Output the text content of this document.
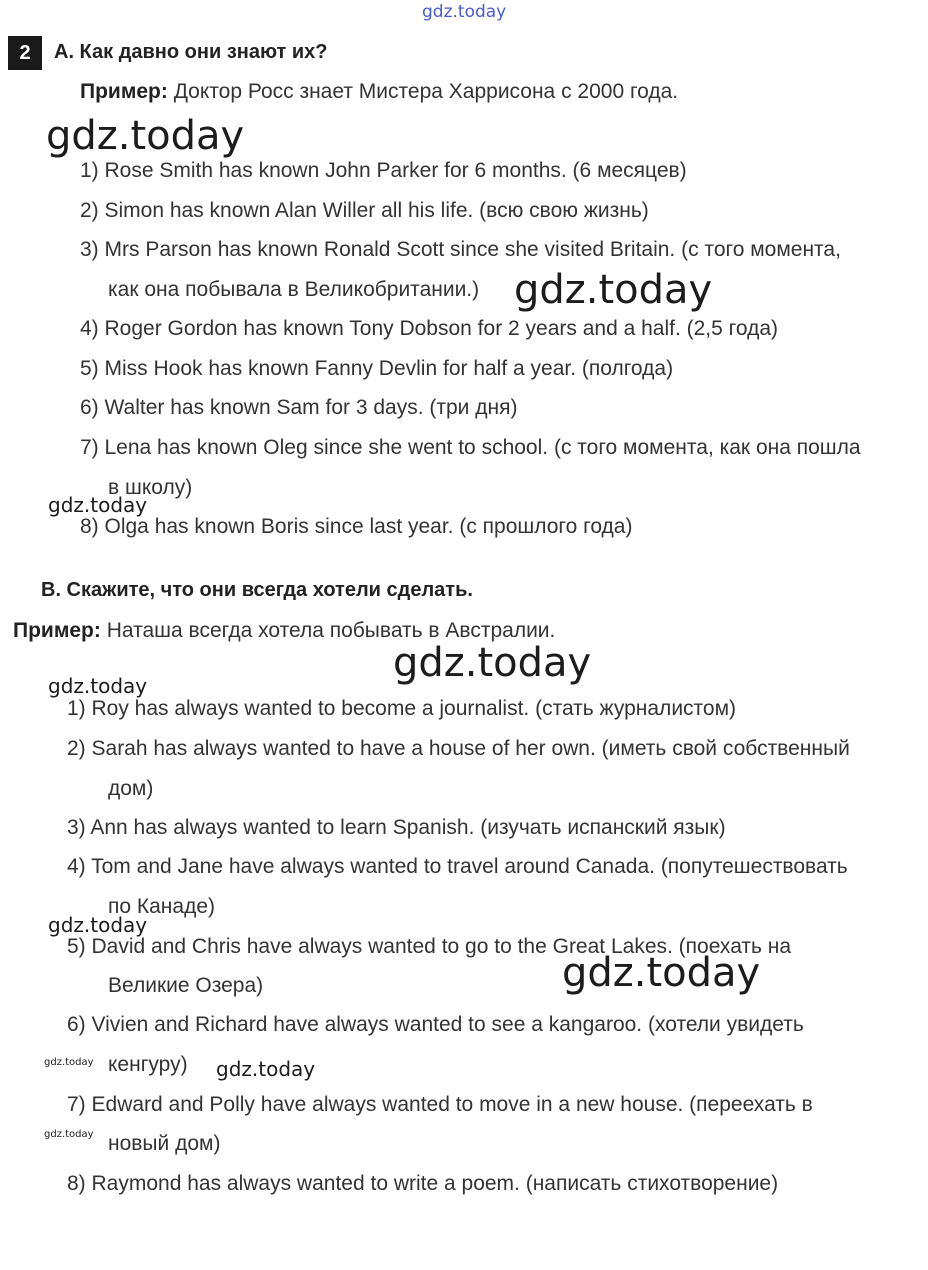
gdz.today
2	A. Как давно они знают их?
Пример: Доктор Росс знает Мистера Харрисона с 2000 года.
1) Rose Smith has known John Parker for 6 months. (6 месяцев)
2) Simon has known Alan Willer all his life. (всю свою жизнь)
3) Mrs Parson has known Ronald Scott since she visited Britain. (с того момента,
как она побывала в Великобритании.)
4) Roger Gordon has known Tony Dobson for 2 years and a half. (2,5 года)
5) Miss Hook has known Fanny Devlin for half a year. (полгода)
6) Walter has known Sam for 3 days. (три дня)
7) Lena has known Oleg since she went to school. (с того момента, как она пошла
в школу)
8) Olga has known Boris since last year. (с прошлого года)
B. Скажите, что они всегда хотели сделать.
Пример: Наташа всегда хотела побывать в Австралии.
1) Roy has always wanted to become a journalist. (стать журналистом)
2) Sarah has always wanted to have a house of her own. (иметь свой собственный
дом)
3) Ann has always wanted to learn Spanish. (изучать испанский язык)
4) Tom and Jane have always wanted to travel around Canada. (попутешествовать
по Канаде)
5) David and Chris have always wanted to go to the Great Lakes. (поехать на
Великие Озера)
6) Vivien and Richard have always wanted to see a kangaroo. (хотели увидеть
кенгуру)
7) Edward and Polly have always wanted to move in a new house. (переехать в
новый дом)
8) Raymond has always wanted to write a poem. (написать стихотворение)
gdz.today
gdz.today
gdz.today
gdz.today
gdz.today
gdz.today
gdz.today
gdz.today	gdz.today
gdz.today
